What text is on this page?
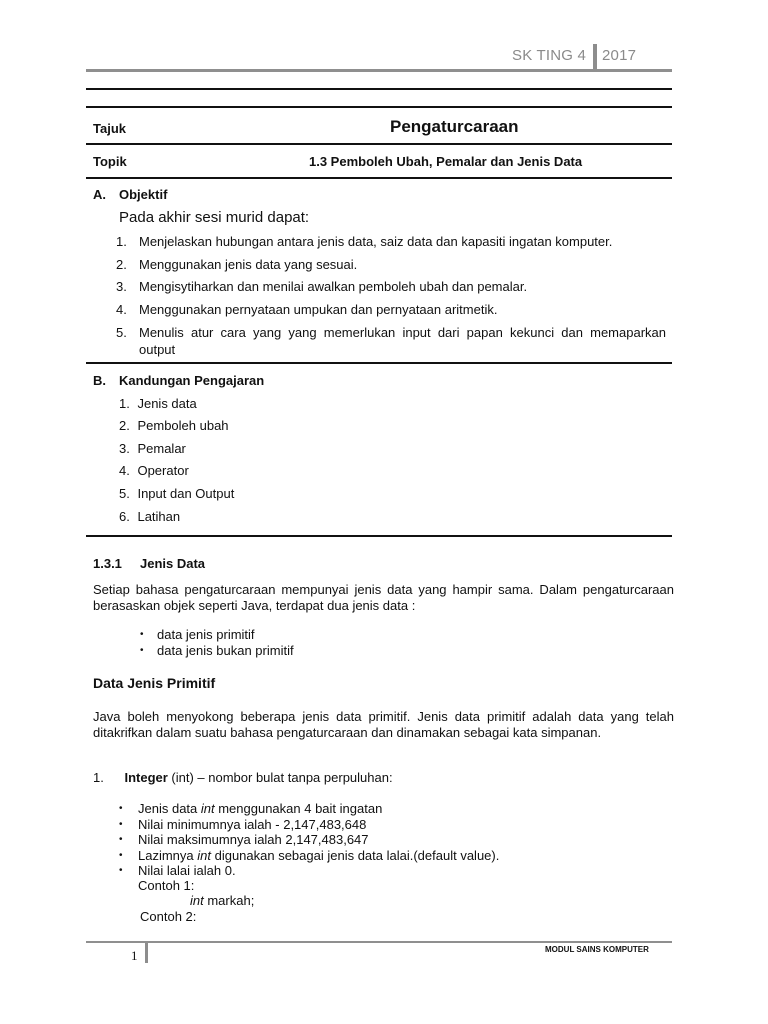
SK TING 4 2017
Tajuk	Pengaturcaraan
Topik	1.3 Pemboleh Ubah, Pemalar dan Jenis Data
A. Objektif
Pada akhir sesi murid dapat:
1. Menjelaskan hubungan antara jenis data, saiz data dan kapasiti ingatan komputer.
2. Menggunakan jenis data yang sesuai.
3. Mengisytiharkan dan menilai awalkan pemboleh ubah dan pemalar.
4. Menggunakan pernyataan umpukan dan pernyataan aritmetik.
5. Menulis atur cara yang yang memerlukan input dari papan kekunci dan memaparkan output
B. Kandungan Pengajaran
1. Jenis data
2. Pemboleh ubah
3. Pemalar
4. Operator
5. Input dan Output
6. Latihan
1.3.1 Jenis Data
Setiap bahasa pengaturcaraan mempunyai jenis data yang hampir sama. Dalam pengaturcaraan berasaskan objek seperti Java, terdapat dua jenis data :
• data jenis primitif
• data jenis bukan primitif
Data Jenis Primitif
Java boleh menyokong beberapa jenis data primitif. Jenis data primitif adalah data yang telah ditakrifkan dalam suatu bahasa pengaturcaraan dan dinamakan sebagai kata simpanan.
1. Integer (int) – nombor bulat tanpa perpuluhan:
• Jenis data int menggunakan 4 bait ingatan
• Nilai minimumnya ialah - 2,147,483,648
• Nilai maksimumnya ialah 2,147,483,647
• Lazimnya int digunakan sebagai jenis data lalai.(default value).
• Nilai lalai ialah 0.
Contoh 1:
int markah;
Contoh 2:
1	MODUL SAINS KOMPUTER
